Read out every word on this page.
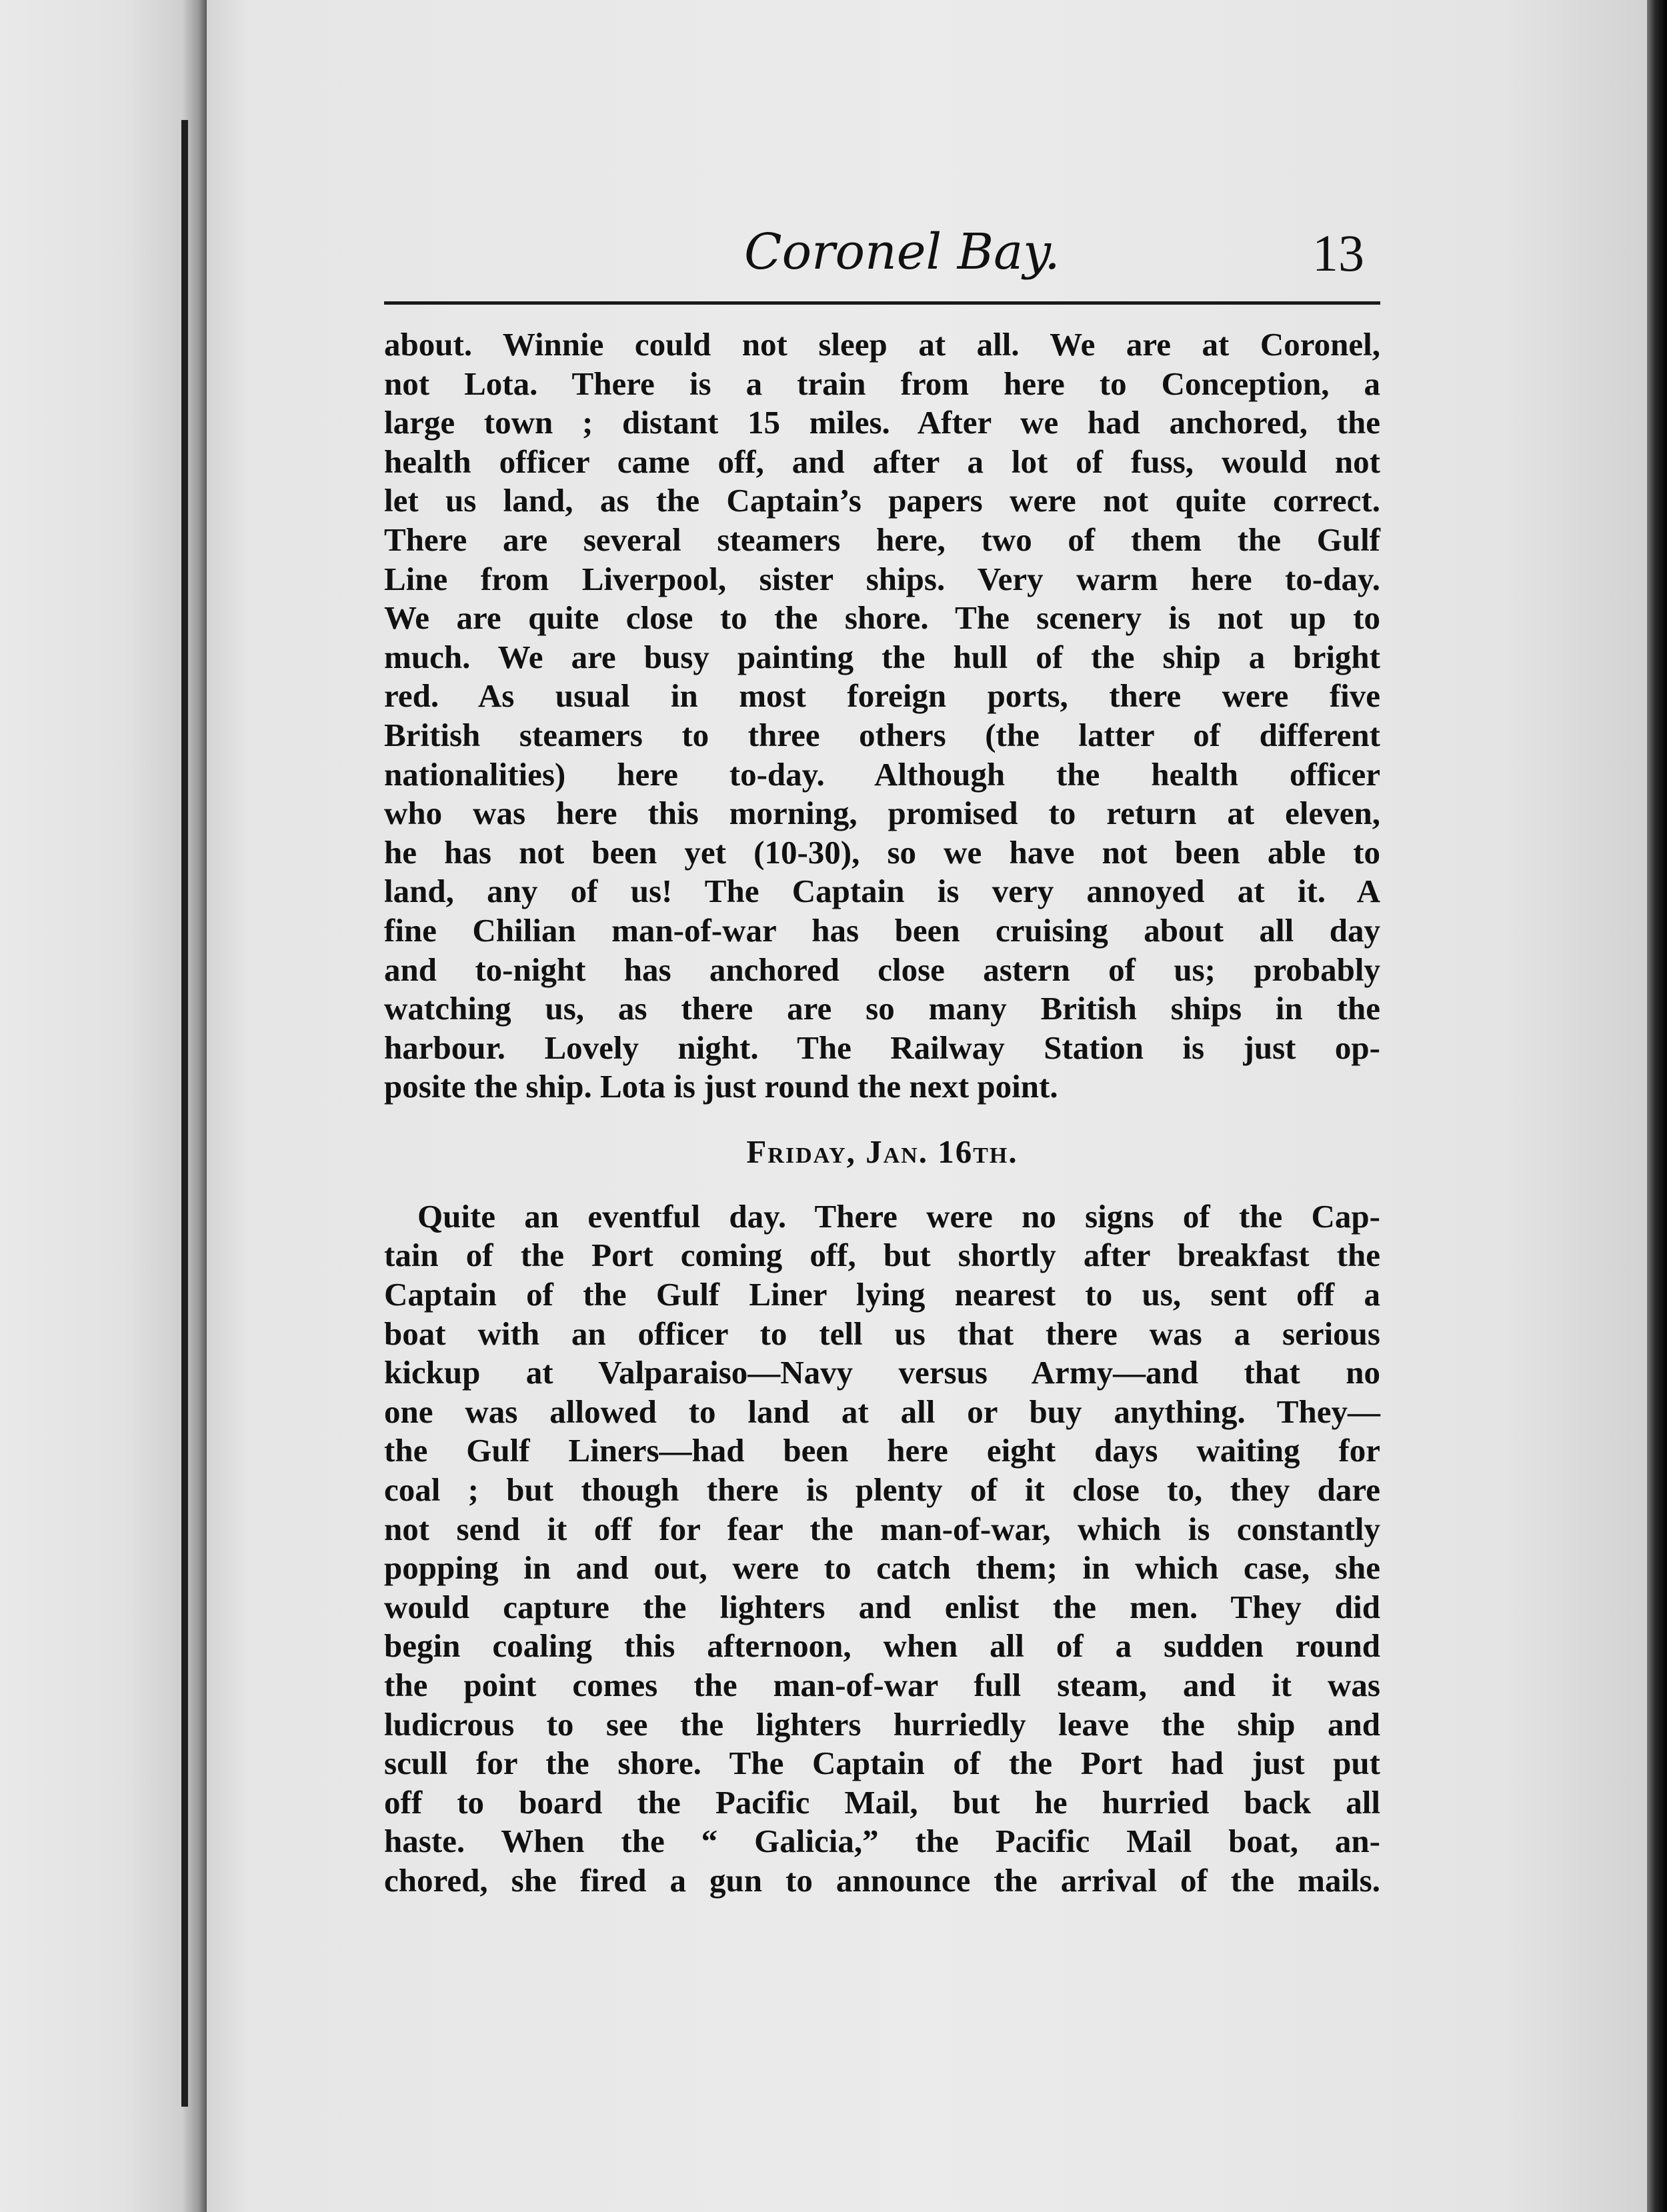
Coronel Bay.	13
about. Winnie could not sleep at all. We are at Coronel,
not Lota. There is a train from here to Conception, a
large town ; distant 15 miles. After we had anchored, the
health officer came off, and after a lot of fuss, would not
let us land, as the Captain’s papers were not quite correct.
There are several steamers here, two of them the Gulf
Line from Liverpool, sister ships. Very warm here to-day.
We are quite close to the shore. The scenery is not up to
much. We are busy painting the hull of the ship a bright
red. As usual in most foreign ports, there were five
British steamers to three others (the latter of different
nationalities) here to-day. Although the health officer
who was here this morning, promised to return at eleven,
he has not been yet (10-30), so we have not been able to
land, any of us! The Captain is very annoyed at it. A
fine Chilian man-of-war has been cruising about all day
and to-night has anchored close astern of us; probably
watching us, as there are so many British ships in the
harbour. Lovely night. The Railway Station is just op-
posite the ship. Lota is just round the next point.
Friday, Jan. 16th.
Quite an eventful day. There were no signs of the Cap-
tain of the Port coming off, but shortly after breakfast the
Captain of the Gulf Liner lying nearest to us, sent off a
boat with an officer to tell us that there was a serious
kickup at Valparaiso—Navy versus Army—and that no
one was allowed to land at all or buy anything. They—
the Gulf Liners—had been here eight days waiting for
coal ; but though there is plenty of it close to, they dare
not send it off for fear the man-of-war, which is constantly
popping in and out, were to catch them; in which case, she
would capture the lighters and enlist the men. They did
begin coaling this afternoon, when all of a sudden round
the point comes the man-of-war full steam, and it was
ludicrous to see the lighters hurriedly leave the ship and
scull for the shore. The Captain of the Port had just put
off to board the Pacific Mail, but he hurried back all
haste. When the “ Galicia,” the Pacific Mail boat, an-
chored, she fired a gun to announce the arrival of the mails.
